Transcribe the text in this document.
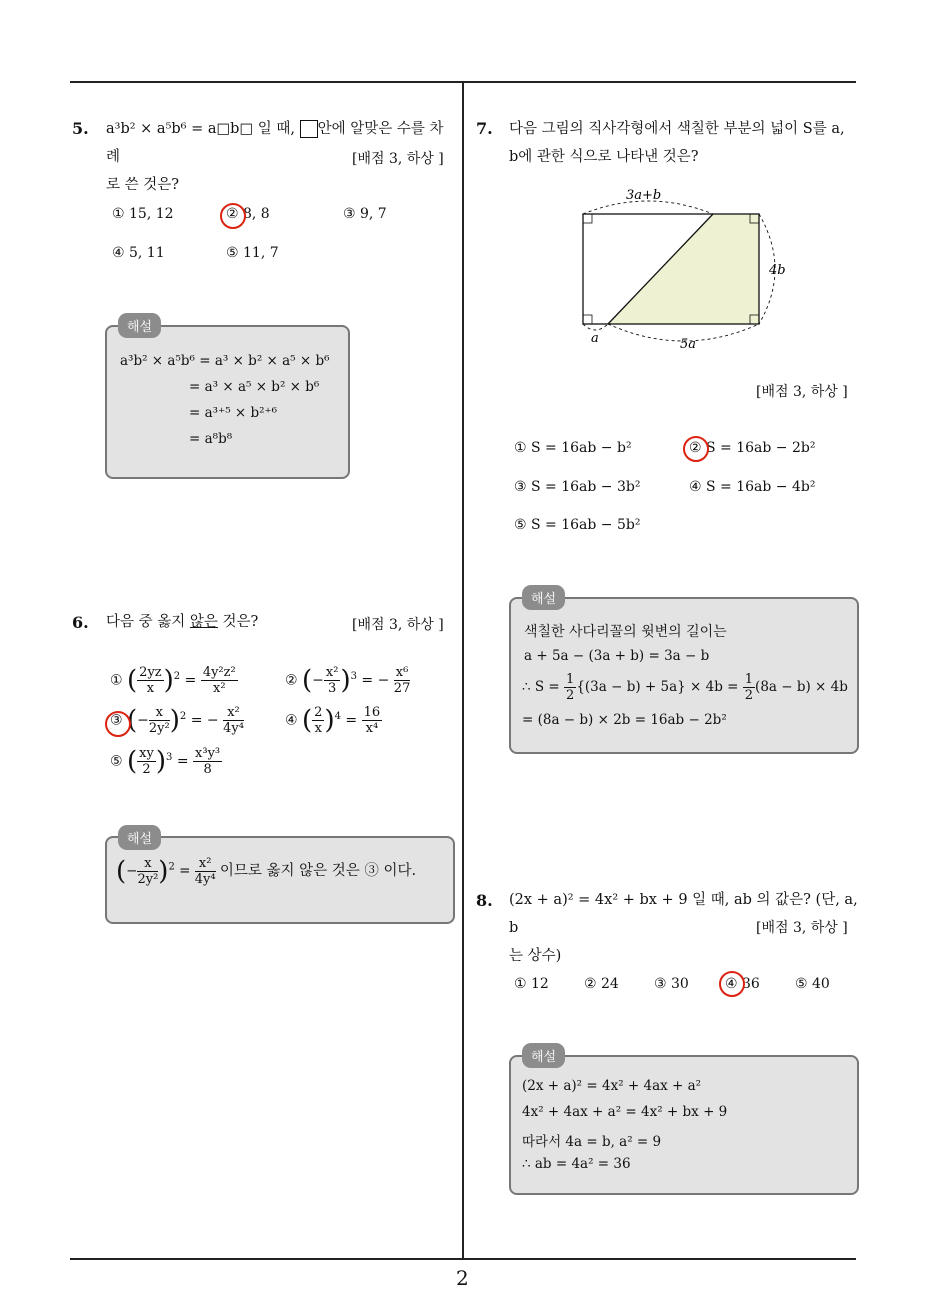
2
5. a³b² × a⁵b⁶ = a□b□ 일 때, 안에 알맞은 수를 차례
로 쓴 것은?
[배점 3, 하상 ]
① 15, 12	② 8, 8	③ 9, 7
④ 5, 11	⑤ 11, 7
해설
a³b² × a⁵b⁶ = a³ × b² × a⁵ × b⁶
= a³ × a⁵ × b² × b⁶
= a³⁺⁵ × b²⁺⁶
= a⁸b⁸
6. 다음 중 옳지 않은 것은?	[배점 3, 하상 ]
① ( $\frac{2yz}{x} )^2 = \frac{\text{4y²z²}}{\text{x²}}$	② (− $\frac{\text{x²}}{3} )^3$ = − $\frac{\text{x⁶}}{27}$
③ (− $\frac{x}{\text{2y²}} )^2$ = − $\frac{\text{x²}}{\text{4y⁴}}$	④ ( $\frac{2}{x} )^4 = \frac{16}{\text{x⁴}}$
⑤ ( $\frac{xy}{2} )^3 = \frac{\text{x³y³}}{8}$
해설
(− $\frac{x}{\text{2y²}} )^2 = \frac{\text{x²}}{\text{4y⁴}}$ 이므로 옳지 않은 것은 ③ 이다.
7. 다음 그림의 직사각형에서 색칠한 부분의 넓이 S를 a,
b에 관한 식으로 나타낸 것은?
3a+b
4b
a	5a
[배점 3, 하상 ]
① S = 16ab − b²	② S = 16ab − 2b²
③ S = 16ab − 3b²	④ S = 16ab − 4b²
⑤ S = 16ab − 5b²
해설
색칠한 사다리꼴의 윗변의 길이는
a + 5a − (3a + b) = 3a − b
∴ $S = \frac{1}{2} \{(3a - b) + 5a\} \times 4b = \frac{1}{2} (8a - b) \times 4b$
= (8a − b) × 2b = 16ab − 2b²
8. (2x + a)² = 4x² + bx + 9 일 때, ab 의 값은? (단, a, b
는 상수)
[배점 3, 하상 ]
① 12	② 24	③ 30	④ 36	⑤ 40
해설
(2x + a)² = 4x² + 4ax + a²
4x² + 4ax + a² = 4x² + bx + 9
따라서 4a = b, a² = 9
∴ ab = 4a² = 36
